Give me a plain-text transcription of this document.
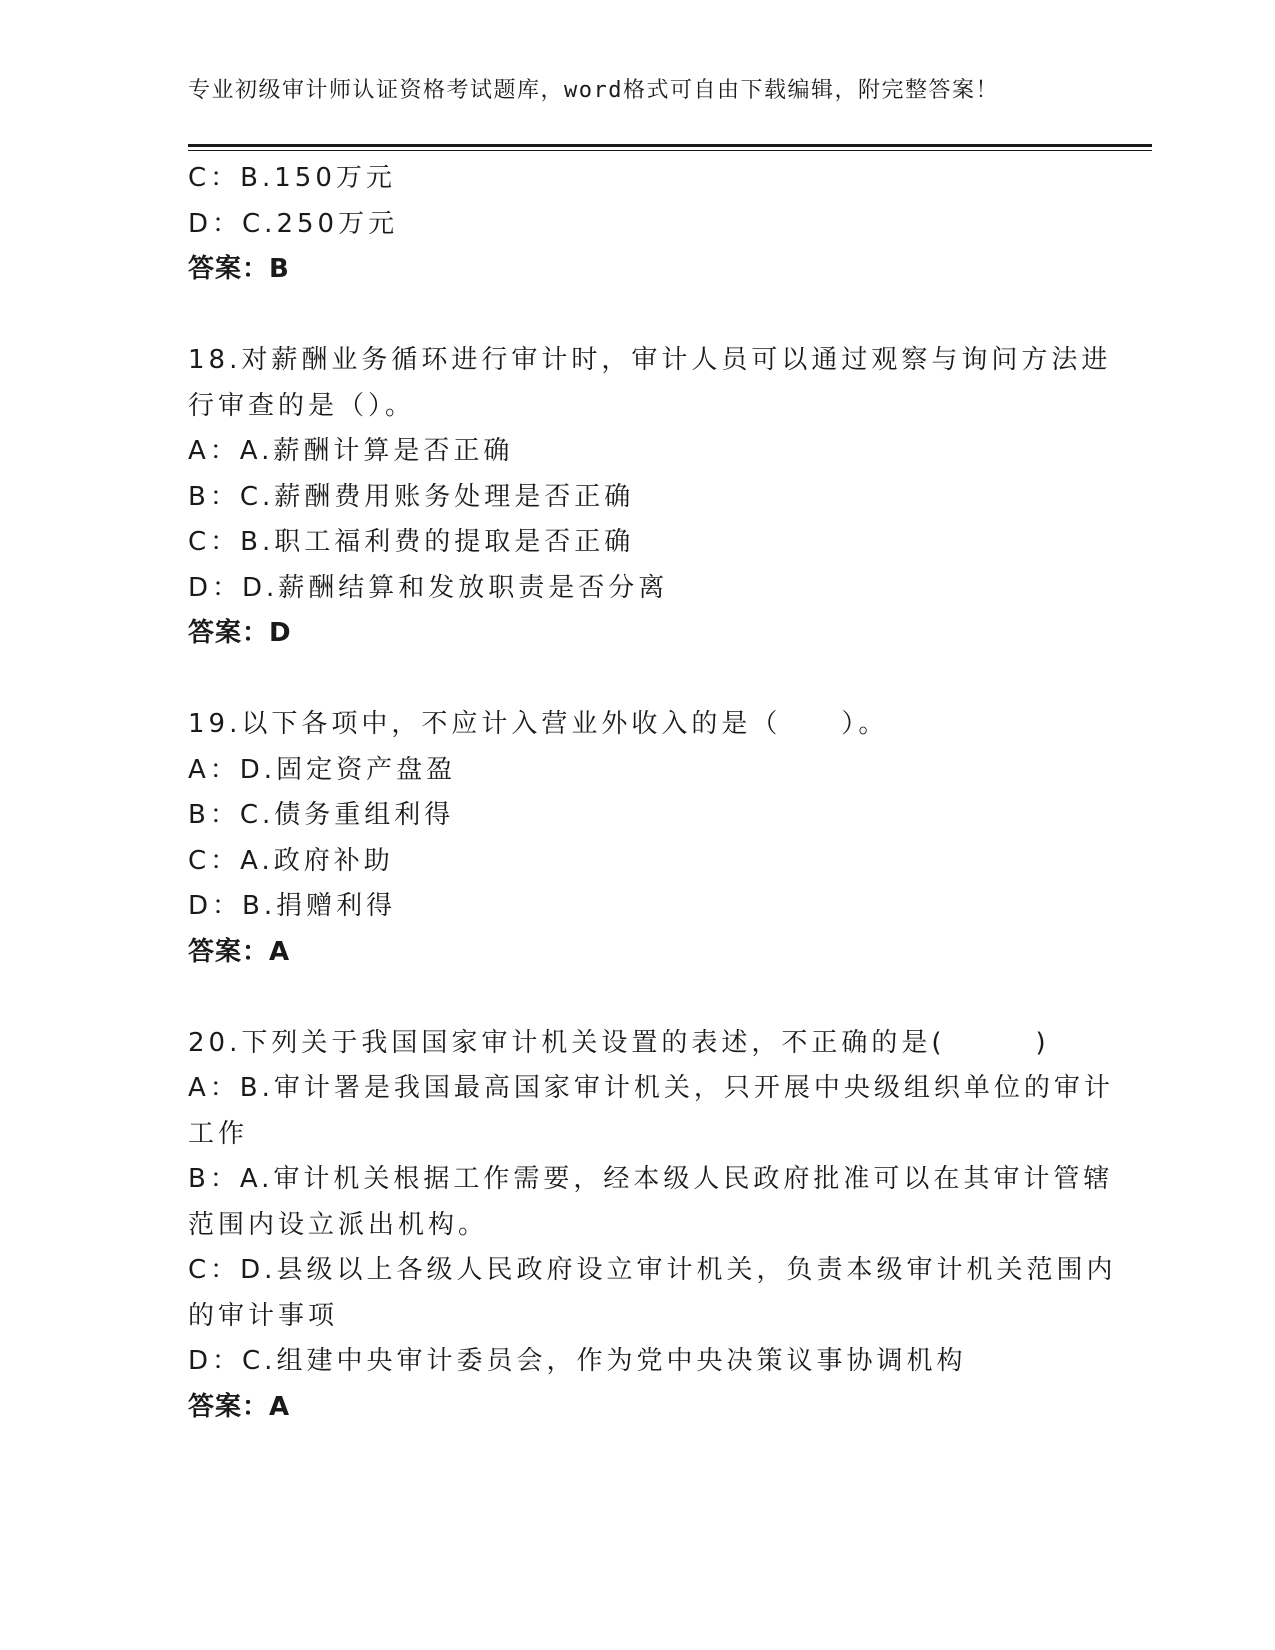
专业初级审计师认证资格考试题库，word格式可自由下载编辑，附完整答案！
C：B.150万元
D：C.250万元
答案：B
18.对薪酬业务循环进行审计时，审计人员可以通过观察与询问方法进
行审查的是（）。
A：A.薪酬计算是否正确
B：C.薪酬费用账务处理是否正确
C：B.职工福利费的提取是否正确
D：D.薪酬结算和发放职责是否分离
答案：D
19.以下各项中，不应计入营业外收入的是（　　）。
A：D.固定资产盘盈
B：C.债务重组利得
C：A.政府补助
D：B.捐赠利得
答案：A
20.下列关于我国国家审计机关设置的表述，不正确的是(　　　)
A：B.审计署是我国最高国家审计机关，只开展中央级组织单位的审计
工作
B：A.审计机关根据工作需要，经本级人民政府批准可以在其审计管辖
范围内设立派出机构。
C：D.县级以上各级人民政府设立审计机关，负责本级审计机关范围内
的审计事项
D：C.组建中央审计委员会，作为党中央决策议事协调机构
答案：A
